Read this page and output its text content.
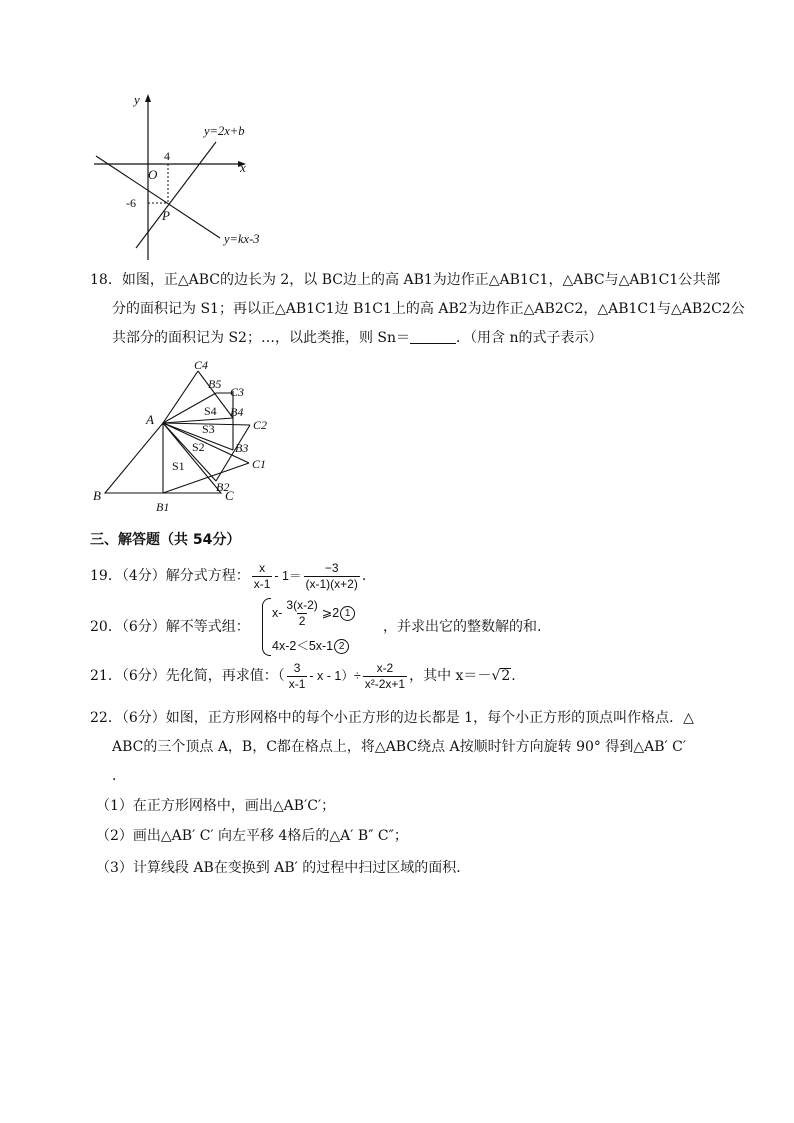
y
x
O
4
-6
P
y=2x+b
y=kx-3
18．如图，正△ABC的边长为 2，以 BC边上的高 AB1为边作正△AB1C1，△ABC与△AB1C1公共部
分的面积记为 S1；再以正△AB1C1边 B1C1上的高 AB2为边作正△AB2C2，△AB1C1与△AB2C2公
共部分的面积记为 S2；…，以此类推，则 Sn＝	．（用含 n的式子表示）
B
A
C
B1
B2
B3
B4
B5
C1
C2
C3
C4
S1
S2
S3
S4
三、解答题（共 54分）
19．（4分）解分式方程： $\frac{x}{x-1} - 1= \frac{-3}{(x-1)(x+2)}$ .
20．（6分）解不等式组：
$x- \frac{3(x-2)}{2}$ ⩾2 1
4x-2＜5x-1 2
，并求出它的整数解的和.
21．（6分）先化简，再求值：（ $\frac{3}{x-1} - x - 1)\div \frac{x-2}{\text{x²-2x+1}}$ ，其中 x＝－√2.
22．（6分）如图，正方形网格中的每个小正方形的边长都是 1，每个小正方形的顶点叫作格点．△
ABC的三个顶点 A，B，C都在格点上，将△ABC绕点 A按顺时针方向旋转 90° 得到△AB′ C′
．
（1）在正方形网格中，画出△AB′C′；
（2）画出△AB′ C′ 向左平移 4格后的△A′ B″ C″；
（3）计算线段 AB在变换到 AB′ 的过程中扫过区域的面积.
